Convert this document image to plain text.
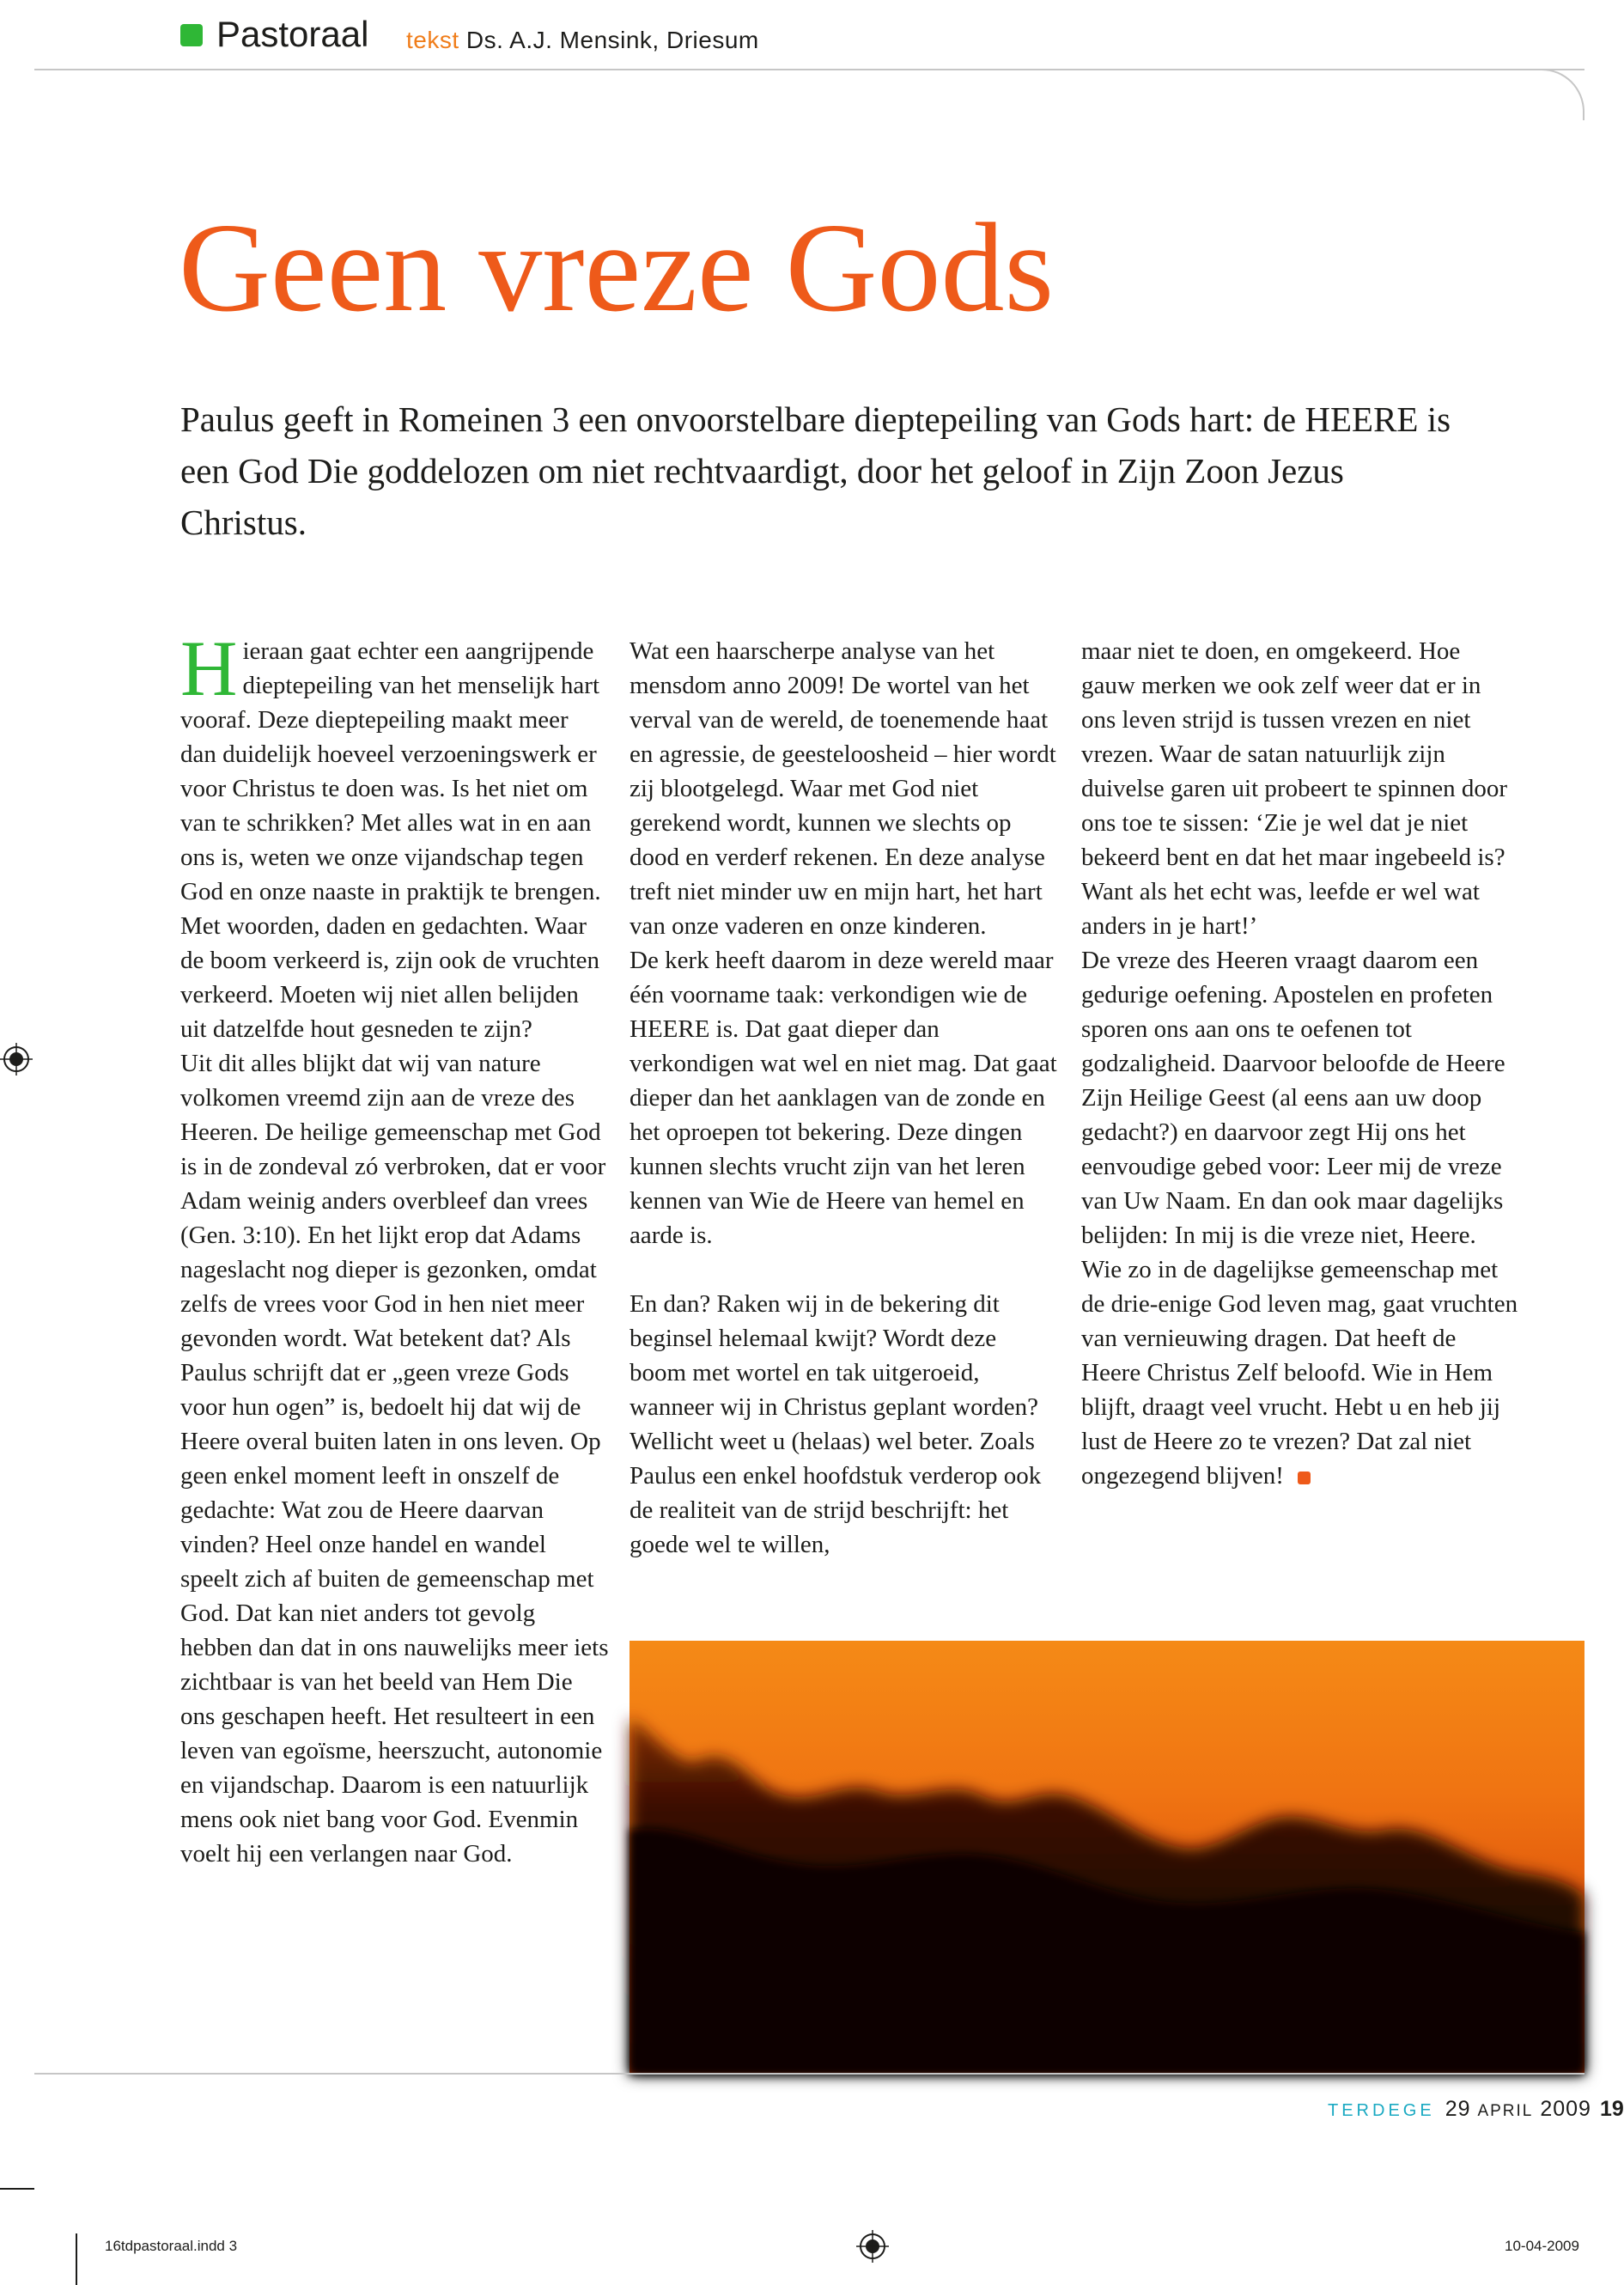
Pastoraal tekst Ds. A.J. Mensink, Driesum
Geen vreze Gods

Paulus geeft in Romeinen 3 een onvoorstelbare dieptepeiling van Gods hart: de HEERE is een God Die goddelozen om niet rechtvaardigt, door het geloof in Zijn Zoon Jezus Christus.

Hieraan gaat echter een aangrijpende dieptepeiling van het menselijk hart vooraf. Deze dieptepeiling maakt meer dan duidelijk hoeveel verzoeningswerk er voor Christus te doen was. Is het niet om van te schrikken? Met alles wat in en aan ons is, weten we onze vijandschap tegen God en onze naaste in praktijk te brengen. Met woorden, daden en gedachten. Waar de boom verkeerd is, zijn ook de vruchten verkeerd. Moeten wij niet allen belijden uit datzelfde hout gesneden te zijn?

Uit dit alles blijkt dat wij van nature volkomen vreemd zijn aan de vreze des Heeren. De heilige gemeenschap met God is in de zondeval zó verbroken, dat er voor Adam weinig anders overbleef dan vrees (Gen. 3:10). En het lijkt erop dat Adams nageslacht nog dieper is gezonken, omdat zelfs de vrees voor God in hen niet meer gevonden wordt. Wat betekent dat? Als Paulus schrijft dat er „geen vreze Gods voor hun ogen” is, bedoelt hij dat wij de Heere overal buiten laten in ons leven. Op geen enkel moment leeft in onszelf de gedachte: Wat zou de Heere daarvan vinden? Heel onze handel en wandel speelt zich af buiten de gemeenschap met God. Dat kan niet anders tot gevolg hebben dan dat in ons nauwelijks meer iets zichtbaar is van het beeld van Hem Die ons geschapen heeft. Het resulteert in een leven van egoïsme, heerszucht, autonomie en vijandschap. Daarom is een natuurlijk mens ook niet bang voor God. Evenmin voelt hij een verlangen naar God.

Wat een haarscherpe analyse van het mensdom anno 2009! De wortel van het verval van de wereld, de toenemende haat en agressie, de geesteloosheid – hier wordt zij blootgelegd. Waar met God niet gerekend wordt, kunnen we slechts op dood en verderf rekenen. En deze analyse treft niet minder uw en mijn hart, het hart van onze vaderen en onze kinderen.

De kerk heeft daarom in deze wereld maar één voorname taak: verkondigen wie de HEERE is. Dat gaat dieper dan verkondigen wat wel en niet mag. Dat gaat dieper dan het aanklagen van de zonde en het oproepen tot bekering. Deze dingen kunnen slechts vrucht zijn van het leren kennen van Wie de Heere van hemel en aarde is.

En dan? Raken wij in de bekering dit beginsel helemaal kwijt? Wordt deze boom met wortel en tak uitgeroeid, wanneer wij in Christus geplant worden? Wellicht weet u (helaas) wel beter. Zoals Paulus een enkel hoofdstuk verderop ook de realiteit van de strijd beschrijft: het goede wel te willen,

maar niet te doen, en omgekeerd. Hoe gauw merken we ook zelf weer dat er in ons leven strijd is tussen vrezen en niet vrezen. Waar de satan natuurlijk zijn duivelse garen uit probeert te spinnen door ons toe te sissen: ‘Zie je wel dat je niet bekeerd bent en dat het maar ingebeeld is? Want als het echt was, leefde er wel wat anders in je hart!’

De vreze des Heeren vraagt daarom een gedurige oefening. Apostelen en profeten sporen ons aan ons te oefenen tot godzaligheid. Daarvoor beloofde de Heere Zijn Heilige Geest (al eens aan uw doop gedacht?) en daarvoor zegt Hij ons het eenvoudige gebed voor: Leer mij de vreze van Uw Naam. En dan ook maar dagelijks belijden: In mij is die vreze niet, Heere. Wie zo in de dagelijkse gemeenschap met de drie-enige God leven mag, gaat vruchten van vernieuwing dragen. Dat heeft de Heere Christus Zelf beloofd. Wie in Hem blijft, draagt veel vrucht. Hebt u en heb jij lust de Heere zo te vrezen? Dat zal niet ongezegend blijven!

TERDEGE 29 APRIL 2009 19
16tdpastoraal.indd 3	10-04-2009
